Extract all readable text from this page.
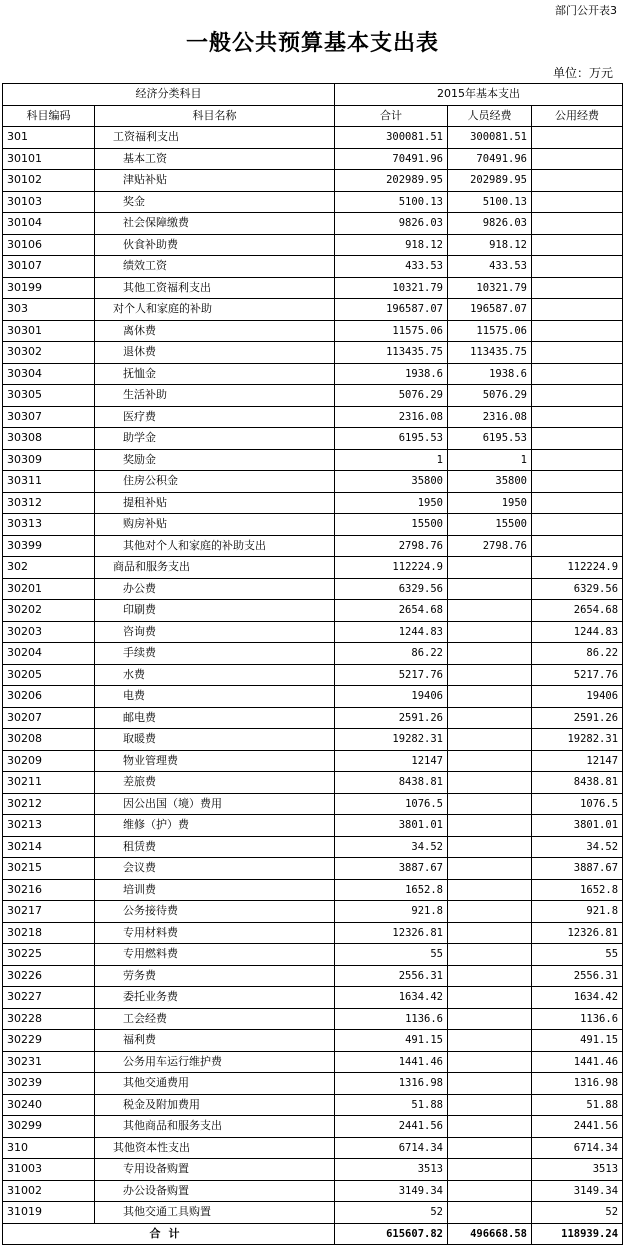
部门公开表3
一般公共预算基本支出表
单位：万元
经济分类科目		2015年基本支出		
科目编码	科目名称	合计	人员经费	公用经费
301	工资福利支出	300081.51	300081.51	
30101	基本工资	70491.96	70491.96	
30102	津贴补贴	202989.95	202989.95	
30103	奖金	5100.13	5100.13	
30104	社会保障缴费	9826.03	9826.03	
30106	伙食补助费	918.12	918.12	
30107	绩效工资	433.53	433.53	
30199	其他工资福利支出	10321.79	10321.79	
303	对个人和家庭的补助	196587.07	196587.07	
30301	离休费	11575.06	11575.06	
30302	退休费	113435.75	113435.75	
30304	抚恤金	1938.6	1938.6	
30305	生活补助	5076.29	5076.29	
30307	医疗费	2316.08	2316.08	
30308	助学金	6195.53	6195.53	
30309	奖励金	1	1	
30311	住房公积金	35800	35800	
30312	提租补贴	1950	1950	
30313	购房补贴	15500	15500	
30399	其他对个人和家庭的补助支出	2798.76	2798.76	
302	商品和服务支出	112224.9		112224.9
30201	办公费	6329.56		6329.56
30202	印刷费	2654.68		2654.68
30203	咨询费	1244.83		1244.83
30204	手续费	86.22		86.22
30205	水费	5217.76		5217.76
30206	电费	19406		19406
30207	邮电费	2591.26		2591.26
30208	取暖费	19282.31		19282.31
30209	物业管理费	12147		12147
30211	差旅费	8438.81		8438.81
30212	因公出国（境）费用	1076.5		1076.5
30213	维修（护）费	3801.01		3801.01
30214	租赁费	34.52		34.52
30215	会议费	3887.67		3887.67
30216	培训费	1652.8		1652.8
30217	公务接待费	921.8		921.8
30218	专用材料费	12326.81		12326.81
30225	专用燃料费	55		55
30226	劳务费	2556.31		2556.31
30227	委托业务费	1634.42		1634.42
30228	工会经费	1136.6		1136.6
30229	福利费	491.15		491.15
30231	公务用车运行维护费	1441.46		1441.46
30239	其他交通费用	1316.98		1316.98
30240	税金及附加费用	51.88		51.88
30299	其他商品和服务支出	2441.56		2441.56
310	其他资本性支出	6714.34		6714.34
31003	专用设备购置	3513		3513
31002	办公设备购置	3149.34		3149.34
31019	其他交通工具购置	52		52
合计		615607.82	496668.58	118939.24
